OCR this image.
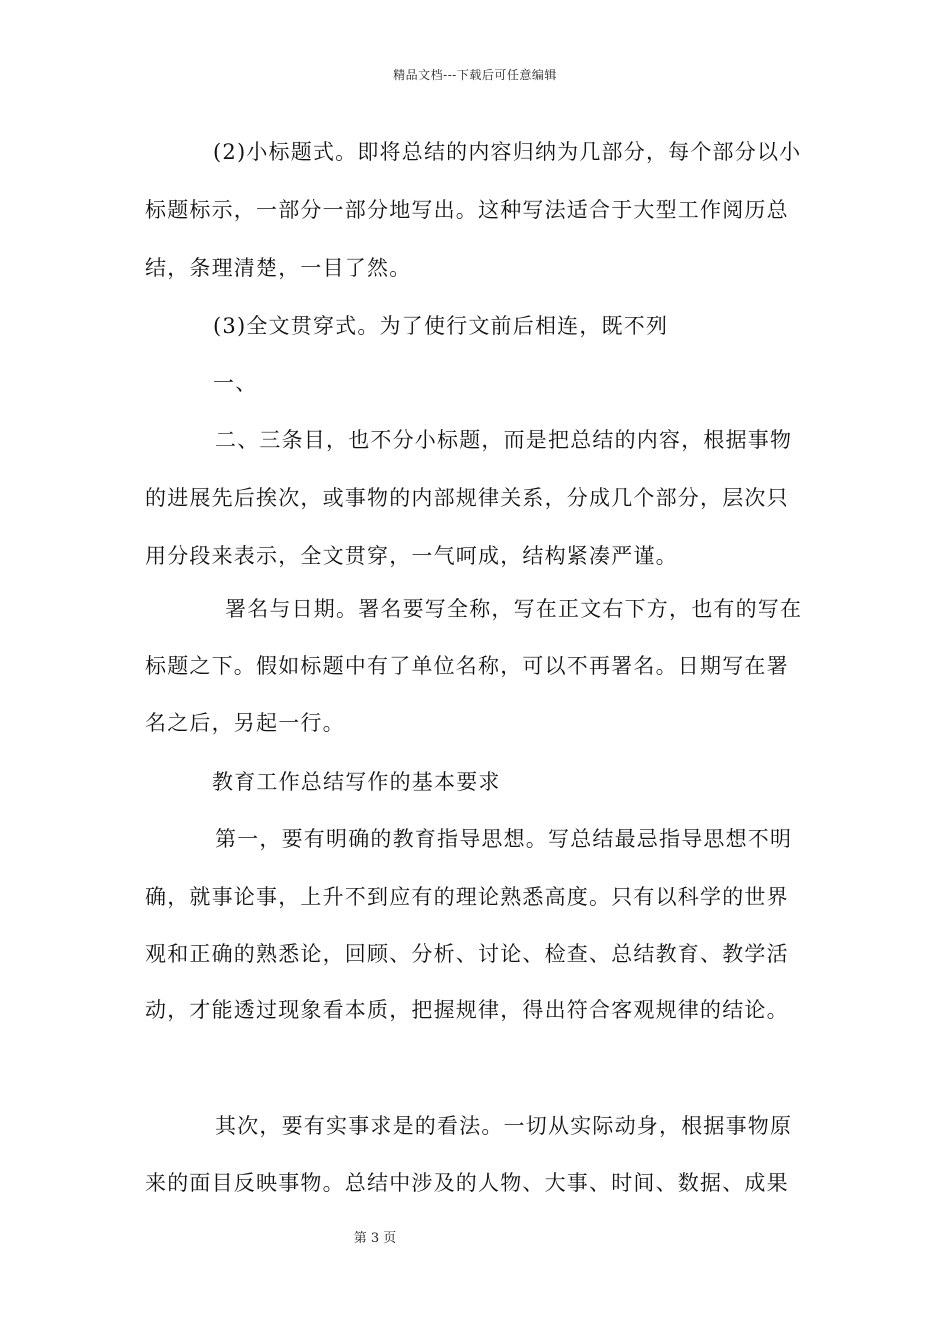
精品文档---下载后可任意编辑
(2)小标题式。即将总结的内容归纳为几部分，每个部分以小
标题标示，一部分一部分地写出。这种写法适合于大型工作阅历总
结，条理清楚，一目了然。
(3)全文贯穿式。为了使行文前后相连，既不列
一、
二、三条目，也不分小标题，而是把总结的内容，根据事物
的进展先后挨次，或事物的内部规律关系，分成几个部分，层次只
用分段来表示，全文贯穿，一气呵成，结构紧凑严谨。
署名与日期。署名要写全称，写在正文右下方，也有的写在
标题之下。假如标题中有了单位名称，可以不再署名。日期写在署
名之后，另起一行。
教育工作总结写作的基本要求
第一，要有明确的教育指导思想。写总结最忌指导思想不明
确，就事论事，上升不到应有的理论熟悉高度。只有以科学的世界
观和正确的熟悉论，回顾、分析、讨论、检查、总结教育、教学活
动，才能透过现象看本质，把握规律，得出符合客观规律的结论。
其次，要有实事求是的看法。一切从实际动身，根据事物原
来的面目反映事物。总结中涉及的人物、大事、时间、数据、成果
第 3 页
